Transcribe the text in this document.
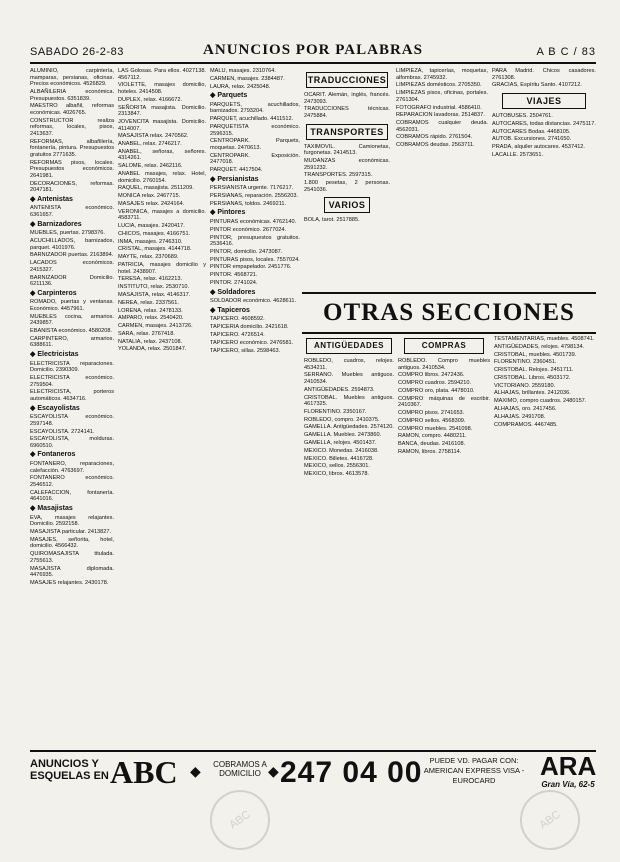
SABADO 26-2-83	ANUNCIOS POR PALABRAS	A B C / 83

ALUMINIO, carpintería, mamparas, persianas, oficinas. Precios económicos. 4526829.

ALBAÑILERIA económica. Presupuestos. 6351839.

MAESTRO albañil, reformas económicas. 4026765.

CONSTRUCTOR realiza reformas, locales, pisos, 2413637.

REFORMAS, albañilería, fontanería, pintura. Presupuestos gratuitos 2771635.

REFORMAS pisos, locales. Presupuestos económicos. 2641981.

DECORACIONES, reformas. 2047181.

◆ Antenistas

ANTENISTA económico. 6361657.

◆ Barnizadores

MUEBLES, puertas. 2798376.

ACUCHILLADOS, barnizados, parquet. 4101976.

BARNIZADOR puertas. 2163894.

LACADOS económicos. 2415327.

BARNIZADOR Domicilio. 6211136.

◆ Carpinteros

ROMADO, puertas y ventanas. Económico. 4457961.

MUEBLES cocina, armarios. 2439857.

EBANISTA económico. 4580208.

CARPINTERO, armarios. 6388611.

◆ Electricistas

ELECTRICISTA reparaciones. Domicilio. 2390309.

ELECTRICISTA económico. 2759504.

ELECTRICISTA, porteros automáticos. 4634716.

◆ Escayolistas

ESCAYOLISTA económico. 2597148.

ESCAYOLISTA. 2724141.

ESCAYOLISTA, molduras. 6960510.

◆ Fontaneros

FONTANERO, reparaciones, calefacción. 4763697.

FONTANERO económico. 2546512.

CALEFACCION, fontanería. 4641016.

◆ Masajistas

EVA, masajes relajantes. Domicilio. 2592158.

MASAJISTA particular. 2413827.

MASAJES, señorita, hotel, domicilio. 4566432.

QUIROMASAJISTA titulada. 2755613.

MASAJISTA diplomada. 4476935.

MASAJES relajantes. 2430178.

LAS Golosas. Para ellos. 4027138. 4567112.

VIOLETTE, masajes domicilio, hoteles. 2414508.

DUPLEX, relax. 4166672.

SEÑORITA masajista. Domicilio. 2313847.

JOVENCITA masajista. Domicilio. 4114007.

MASAJISTA relax. 2470562.

ANABEL, relax. 2746217.

ANABEL, señoras, señores. 4314261.

SALOME, relax. 2462116.

ANABEL masajes, relax. Hotel, domicilio. 2760154.

RAQUEL, masajista. 2511209.

MONICA relax. 2467715.

MASAJES relax. 2424164.

VERONICA, masajes a domicilio. 4583711.

LUCIA, masajes. 2420417.

CHICOS, masajes. 4166751.

INMA, masajes. 2746310.

CRISTAL, masajes. 4144718.

MAYTE, relax. 2370689.

PATRICIA, masajes domicilio y hotel. 2438907.

TERESA, relax. 4162213.

INSTITUTO, relax. 2530710.

MASAJISTA, relax. 4146317.

NEREA, relax. 2337561.

LORENA, relax. 2478133.

AMPARO, relax. 2540420.

CARMEN, masajes. 2413726.

SARA, relax. 2767418.

NATALIA, relax. 2437108.

YOLANDA, relax. 2501847.

MALU, masajes. 2310764.

CARMEN, masajes. 2384487.

LAURA, relax. 2425048.

◆ Parquets

PARQUETS, acuchillados, barnizados. 2793204.

PARQUET, acuchillado. 4411512.

PARQUETISTA económico. 2596315.

CENTROPARK. Parquets, moquetas. 2470613.

CENTROPARK. Exposición. 2477018.

PARQUET. 4417504.

◆ Persianistas

PERSIANISTA urgente. 7176217.

PERSIANAS, reparación. 2556203.

PERSIANAS, toldos. 2469211.

◆ Pintores

PINTURAS económicas. 4762140.

PINTOR económico. 2677024.

PINTOR, presupuestos gratuitos. 2536416.

PINTOR, domicilio. 2473087.

PINTURAS pisos, locales. 7557024.

PINTOR empapelador. 2451776.

PINTOR. 4568721.

PINTOR. 2741024.

◆ Soldadores

SOLDADOR económico. 4628611.

◆ Tapiceros

TAPICERO. 4608592.

TAPICERIA domicilio. 2421618.

TAPICERO. 4726514.

TAPICERO económico. 2476581.

TAPICERO, sillas. 2598463.

TRADUCCIONES

OCARIT. Alemán, inglés, francés. 2473093.

TRADUCCIONES técnicas. 2475884.

TRANSPORTES

TAXIMOVIL. Camionetas, furgonetas. 2414513.

MUDANZAS económicas. 2591232.

TRANSPORTES. 2597315.

1.800 pesetas, 2 personas. 2541036.

VARIOS

BOLA, tarot. 2517885.

LIMPIEZA, tapicerías, moquetas, alfombras. 2745932.

LIMPIEZAS domésticos. 2705350.

LIMPIEZAS pisos, oficinas, portales. 2761304.

FOTOGRAFO industrial. 4586410.

REPARACION lavadoras. 2514837.

COBRAMOS cualquier deuda. 4562031.

COBRAMOS rápido. 2761504.

COBRAMOS deudas. 2563711.

PARA Madrid. Chicos casadores. 2761308.

GRACIAS, Espíritu Santo. 4107212.

VIAJES

AUTOBUSES. 2504761.

AUTOCARES, todas distancias. 2475117.

AUTOCARES Bodas. 4468105.

AUTOB. Excursiones. 2741650.

PRADA, alquiler autocares. 4537412.

LACALLE. 2573651.

OTRAS SECCIONES
ANTIGÜEDADES

ROBLEDO, cuadros, relojes. 4534211.

SERRANO. Muebles antiguos. 2410534.

ANTIGÜEDADES. 2594873.

CRISTOBAL. Muebles antiguos. 4617325.

FLORENTINO. 2350167.

ROBLEDO, compro. 2410375.

GAMELLA. Antigüedades. 2574120.

GAMELLA. Muebles. 2473860.

GAMELLA, relojes. 4501437.

MEXICO. Monedas. 2416038.

MEXICO. Billetes. 4416728.

MEXICO, sellos. 2556301.

MEXICO, libros. 4613578.

COMPRAS

ROBLEDO. Compro muebles antiguos. 2410534.

COMPRO libros. 2472436.

COMPRO cuadros. 2594210.

COMPRO oro, plata. 4478010.

COMPRO máquinas de escribir. 2410367.

COMPRO pisos. 2741653.

COMPRO sellos. 4568309.

COMPRO muebles. 2541098.

RAMON, compro. 4480211.

BANCA, deudas. 2416108.

RAMON, libros. 2758114.

TESTAMENTARIAS, muebles. 4508741.

ANTIGÜEDADES, relojes. 4798134.

CRISTOBAL, muebles. 4501739.

FLORENTINO. 2360451.

CRISTOBAL. Relojes. 2451711.

CRISTOBAL. Libros. 4503172.

VICTORIANO. 2559180.

ALHAJAS, brillantes. 2412036.

MAXIMO, compro cuadros. 2480157.

ALHAJAS, oro. 2417456.

ALHAJAS. 2491708.

COMPRAMOS. 4467485.

ABC	ABC
ANUNCIOS Y ESQUELAS EN ABC ◆
COBRAMOS A DOMICILIO ◆ 247 04 00 PUEDE VD. PAGAR CON: AMERICAN EXPRESS VISA - EUROCARD	ARA
Gran Vía, 62-5
